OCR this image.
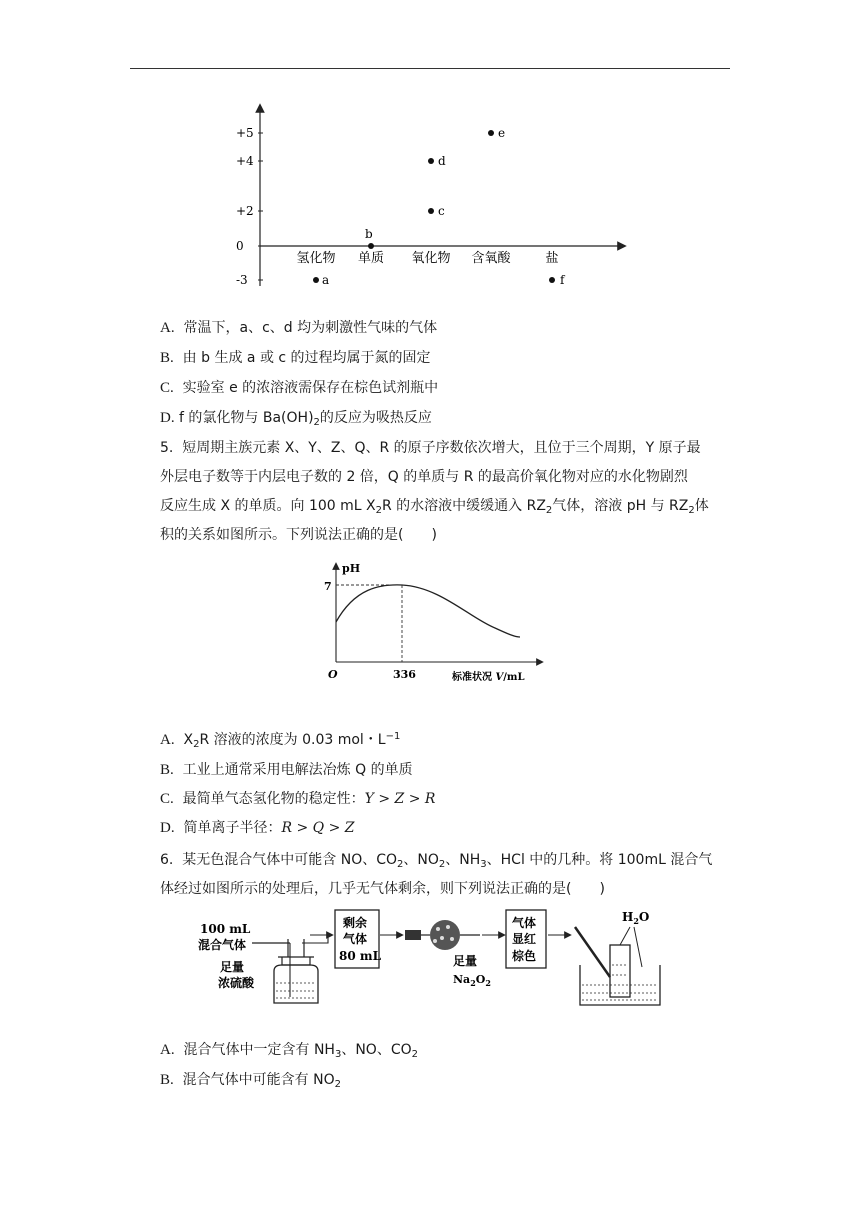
+5
+4
+2
0
-3
氢化物 单质 氧化物 含氧酸	盐
a
b
c
d
e
f
A. 常温下，a、c、d 均为刺激性气味的气体
B. 由 b 生成 a 或 c 的过程均属于氮的固定
C. 实验室 e 的浓溶液需保存在棕色试剂瓶中
D. f 的氯化物与 $Ba(OH)_2$的反应为吸热反应
5. 短周期主族元素 X、Y、Z、Q、R 的原子序数依次增大，且位于三个周期，Y 原子最
外层电子数等于内层电子数的 2 倍，Q 的单质与 R 的最高价氧化物对应的水化物剧烈
反应生成 X 的单质。向 100 mL $X_2R$ 的水溶液中缓缓通入 $RZ_2$气体，溶液 pH 与 $RZ_2$体
积的关系如图所示。下列说法正确的是(　　)
pH
O
7
336	标准状况 V/mL
A. $X_2R$ 溶液的浓度为 0.03 mol・$L^{-1}$
B. 工业上通常采用电解法冶炼 Q 的单质
C. 最简单气态氢化物的稳定性：Y > Z > R
D. 简单离子半径：R > Q > Z
6. 某无色混合气体中可能含 NO、$CO_2$、$NO_2$、$NH_3$、HCl 中的几种。将 100mL 混合气
体经过如图所示的处理后，几乎无气体剩余，则下列说法正确的是(　　)
100 mL
混合气体
足量
浓硫酸
剩余
气体
80 mL	足量
$Na_2O_2$
气体
显红
棕色
$H_2O$
A. 混合气体中一定含有 $NH_3$、NO、$CO_2$
B. 混合气体中可能含有 $NO_2$
